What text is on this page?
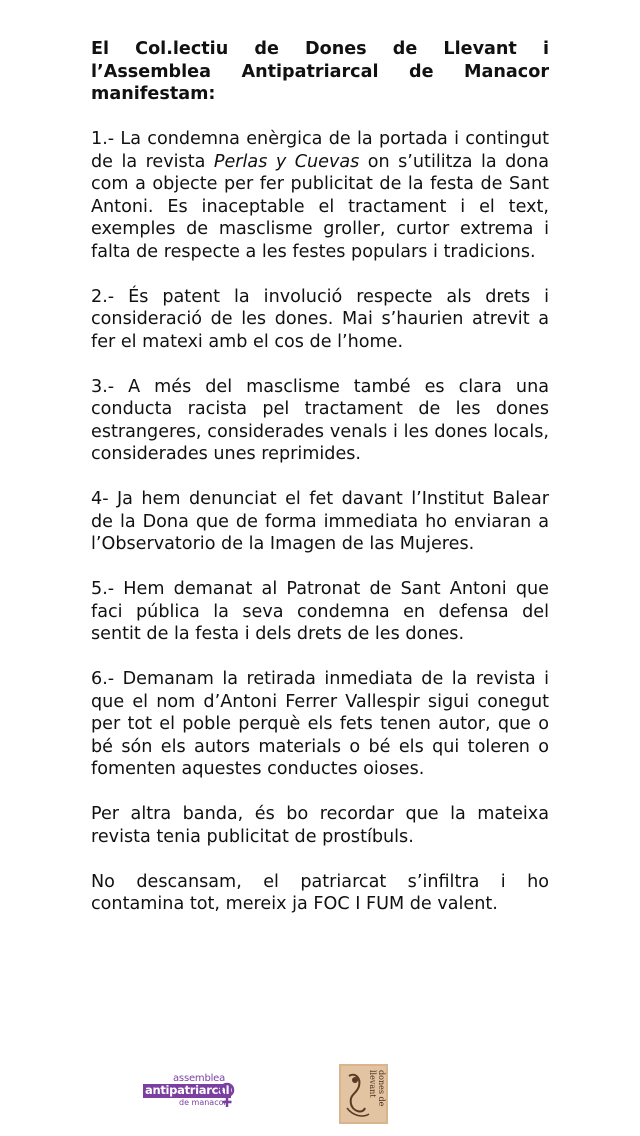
El Col.lectiu de Dones de Llevant i l’Assemblea Antipatriarcal de Manacor manifestam:

1.- La condemna enèrgica de la portada i contingut de la revista Perlas y Cuevas on s’utilitza la dona com a objecte per fer publicitat de la festa de Sant Antoni. Es inaceptable el tractament i el text, exemples de masclisme groller, curtor extrema i falta de respecte a les festes populars i tradicions.

2.- És patent la involució respecte als drets i consideració de les dones. Mai s’haurien atrevit a fer el matexi amb el cos de l’home.

3.- A més del masclisme també es clara una conducta racista pel tractament de les dones estrangeres, considerades venals i les dones locals, considerades unes reprimides.

4- Ja hem denunciat el fet davant l’Institut Balear de la Dona que de forma immediata ho enviaran a l’Observatorio de la Imagen de las Mujeres.

5.- Hem demanat al Patronat de Sant Antoni que faci pública la seva condemna en defensa del sentit de la festa i dels drets de les dones.

6.- Demanam la retirada inmediata de la revista i que el nom d’Antoni Ferrer Vallespir sigui conegut per tot el poble perquè els fets tenen autor, que o bé són els autors materials o bé els qui toleren o fomenten aquestes conductes oioses.

Per altra banda, és bo recordar que la mateixa revista tenia publicitat de prostíbuls.

No descansam, el patriarcat s’infiltra i ho contamina tot, mereix ja FOC I FUM de valent.

assemblea
antipatriarcal
de manacor	dones de llevant
